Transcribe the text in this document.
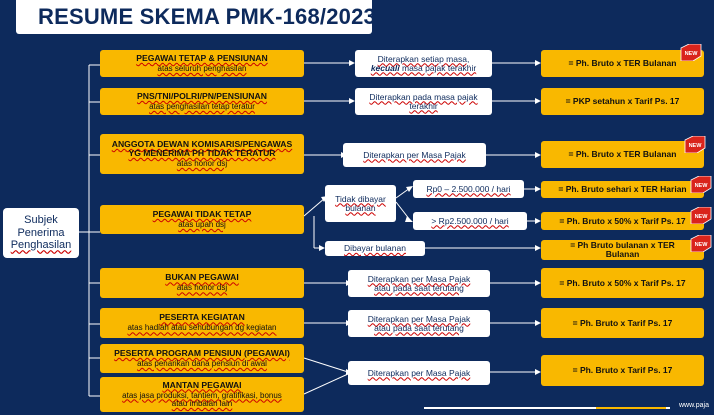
RESUME SKEMA PMK-168/2023
Subjek
Penerima
Penghasilan
PEGAWAI TETAP & PENSIUNAN
atas seluruh penghasilan
PNS/TNI/POLRI/PN/PENSIUNAN
atas penghasilan tetap teratur
ANGGOTA DEWAN KOMISARIS/PENGAWAS
YG MENERIMA PH TIDAK TERATUR
atas honor dsj
PEGAWAI TIDAK TETAP
atas upah dsj
BUKAN PEGAWAI
atas honor dsj
PESERTA KEGIATAN
atas hadiah atau sehubungan dg kegiatan
PESERTA PROGRAM PENSIUN (PEGAWAI)
atas penarikan dana pensiun di awal
MANTAN PEGAWAI
atas jasa produksi, tantiem, gratifikasi, bonus
atau imbalan lain
Diterapkan setiap masa,
kecuali masa pajak terakhir
Diterapkan pada masa pajak
terakhir
Diterapkan per Masa Pajak
Tidak dibayar
bulanan
Dibayar bulanan
Diterapkan per Masa Pajak
atau pada saat terutang
Diterapkan per Masa Pajak
atau pada saat terutang
Diterapkan per Masa Pajak
Rp0 – 2.500.000 / hari
> Rp2.500.000 / hari
= Ph. Bruto x TER Bulanan
= PKP setahun x Tarif Ps. 17
= Ph. Bruto x TER Bulanan
= Ph. Bruto sehari x TER Harian
= Ph. Bruto x 50% x Tarif Ps. 17
= Ph Bruto bulanan x TER
Bulanan
= Ph. Bruto x 50% x Tarif Ps. 17
= Ph. Bruto x Tarif Ps. 17
= Ph. Bruto x Tarif Ps. 17
NEW
NEW
NEW
NEW
NEW
www.paja
